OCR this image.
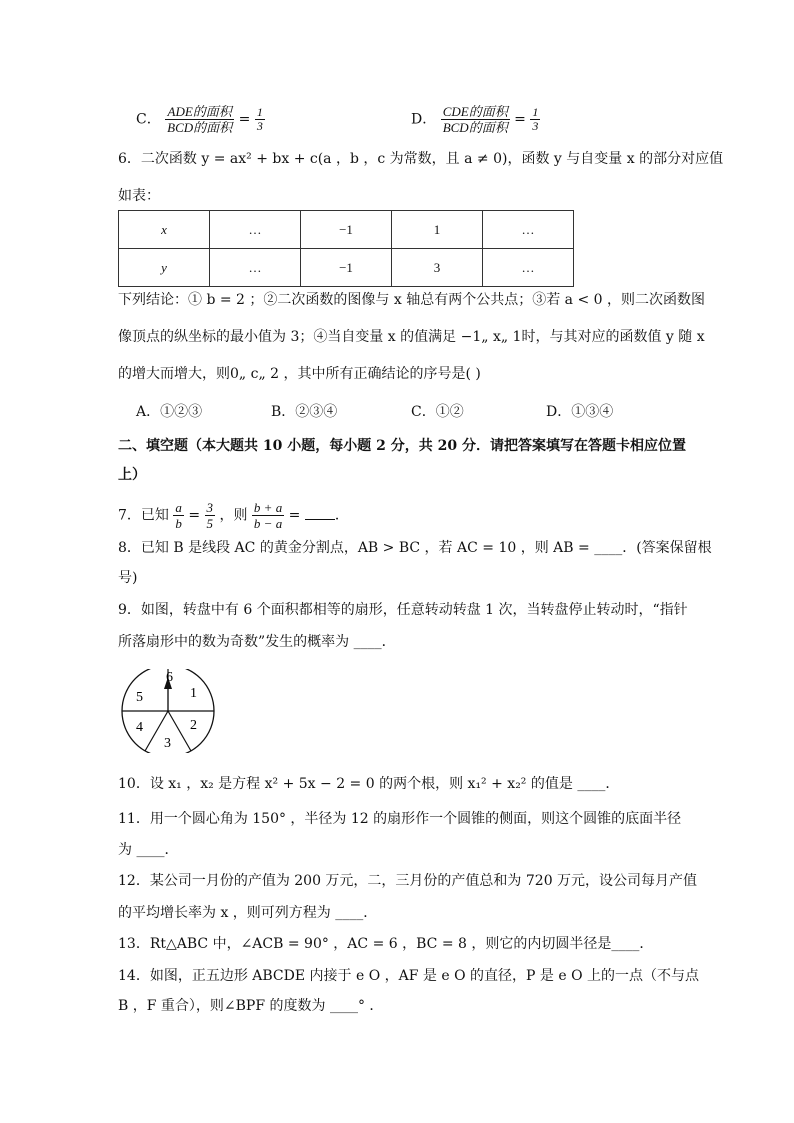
C． $\frac{\text{ADE的面积}}{\text{BCD的面积}} = \frac{1}{3}$	D． $\frac{\text{CDE的面积}}{\text{BCD的面积}} = \frac{1}{3}$
6．二次函数 y = ax² + bx + c(a ，b ，c 为常数，且 a ≠ 0)，函数 y 与自变量 x 的部分对应值
如表：
x	…	−1	1	…
y	…	−1	3	…
下列结论：① b = 2 ；②二次函数的图像与 x 轴总有两个公共点；③若 a < 0 ，则二次函数图
像顶点的纵坐标的最小值为 3；④当自变量 x 的值满足 −1„ x„ 1时，与其对应的函数值 y 随 x
的增大而增大，则0„ c„ 2 ，其中所有正确结论的序号是( )
A．①②③	B．②③④	C．①②	D．①③④
二、填空题（本大题共 10 小题，每小题 2 分，共 20 分．请把答案填写在答题卡相应位置
上）
7．已知 $\frac{a}{b} = \frac{3}{5}$ ，则 $\frac{b + a}{b - a}$ = ．
8．已知 B 是线段 AC 的黄金分割点，AB > BC ，若 AC = 10 ，则 AB = ____．(答案保留根
号)
9．如图，转盘中有 6 个面积都相等的扇形，任意转动转盘 1 次，当转盘停止转动时，“指针
所落扇形中的数为奇数”发生的概率为 ____．
1
2
3
4
5
6
10．设 x₁ ，x₂ 是方程 x² + 5x − 2 = 0 的两个根，则 x₁² + x₂² 的值是 ____．
11．用一个圆心角为 150° ，半径为 12 的扇形作一个圆锥的侧面，则这个圆锥的底面半径
为 ____．
12．某公司一月份的产值为 200 万元，二，三月份的产值总和为 720 万元，设公司每月产值
的平均增长率为 x ，则可列方程为 ____．
13．Rt△ABC 中，∠ACB = 90° ，AC = 6 ，BC = 8 ，则它的内切圆半径是____．
14．如图，正五边形 ABCDE 内接于 e O ，AF 是 e O 的直径，P 是 e O 上的一点（不与点
B ，F 重合），则∠BPF 的度数为 ____° ．
